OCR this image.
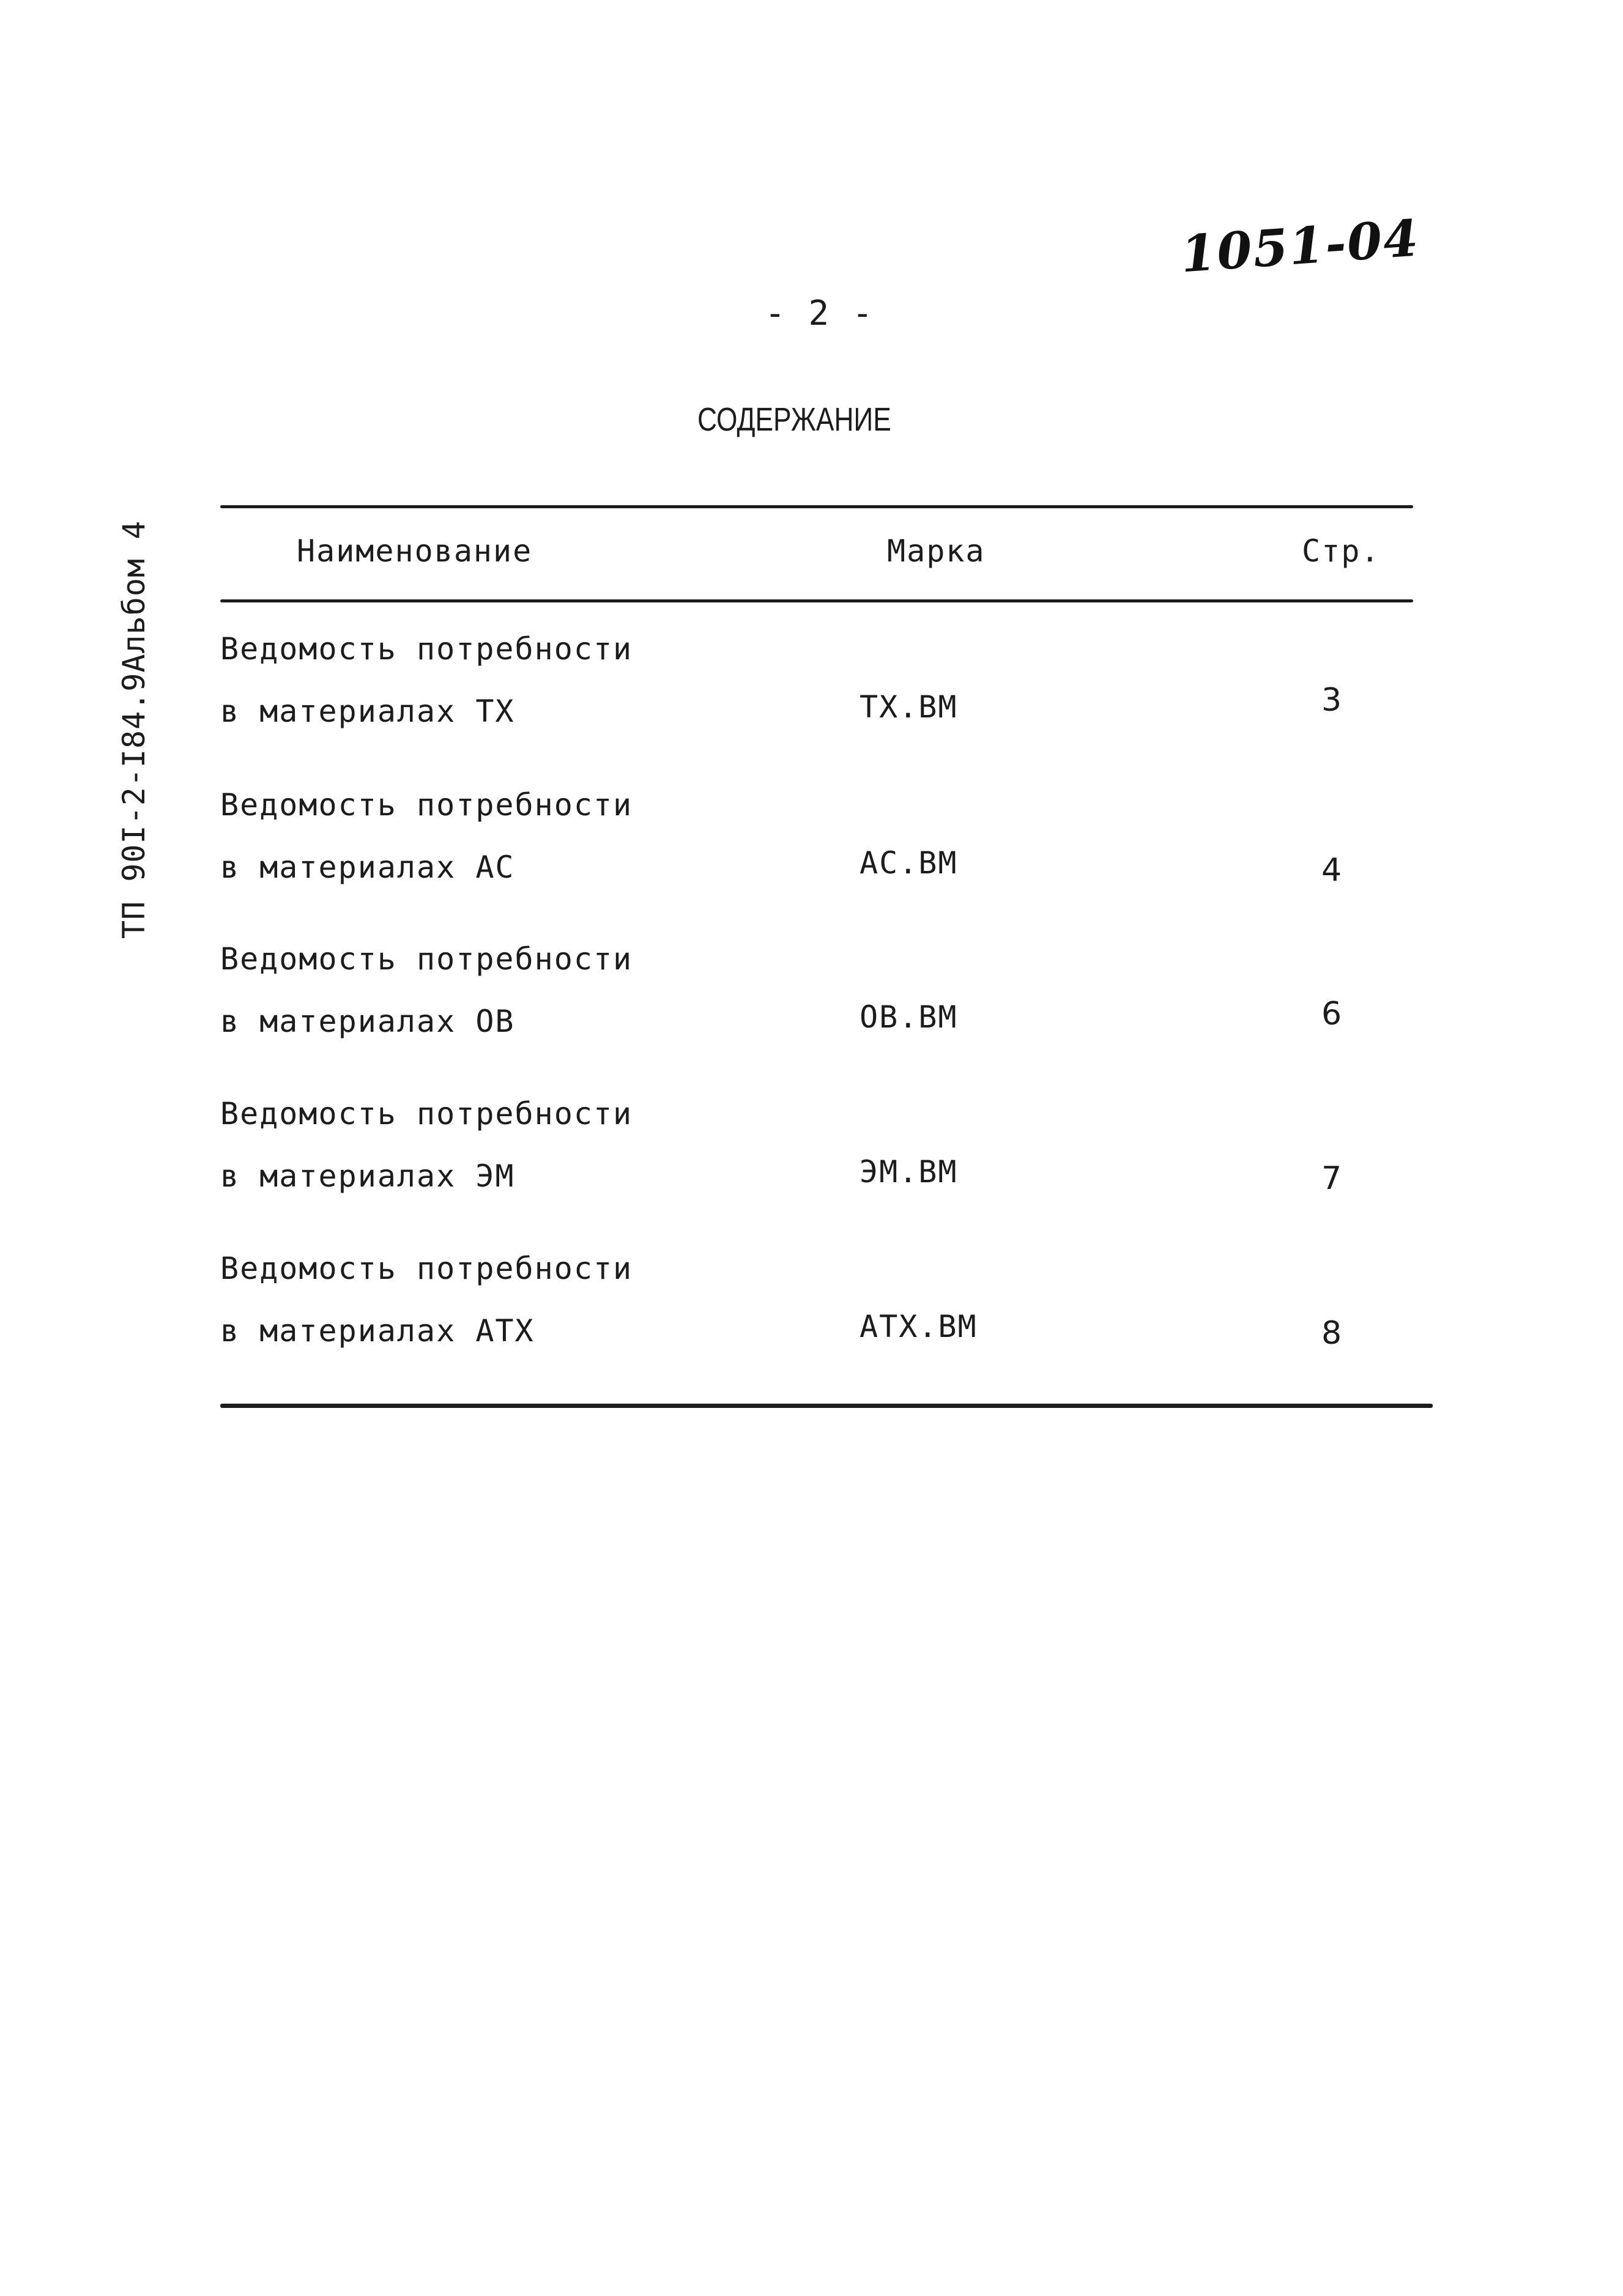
1051-04
- 2 -
СОДЕРЖАНИЕ
ТП 90I-2-I84.9Альбом 4	Наименование	Марка	Стр.
Ведомость потребности
в материалах ТХ	ТХ.ВМ	3
Ведомость потребности
в материалах АС	АС.ВМ	4
Ведомость потребности
в материалах ОВ	ОВ.ВМ	6
Ведомость потребности
в материалах ЭМ	ЭМ.ВМ	7
Ведомость потребности
в материалах АТХ	АТХ.ВМ	8
